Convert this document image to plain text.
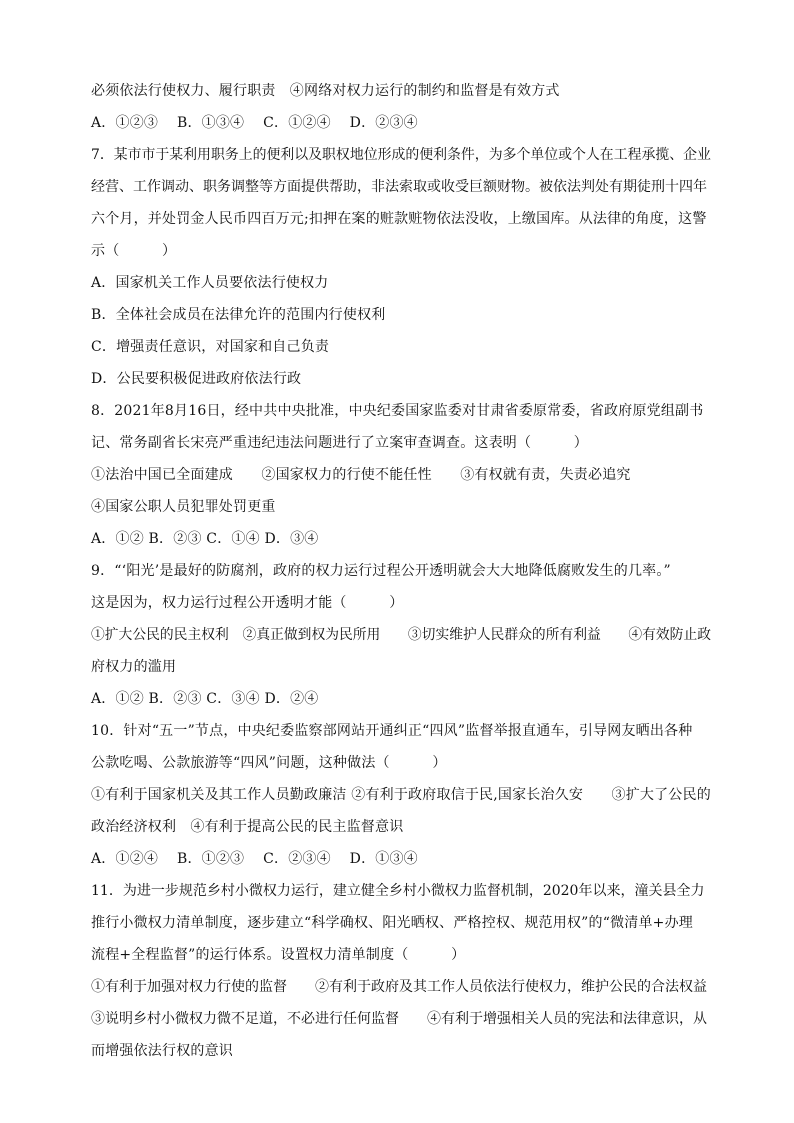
必须依法行使权力、履行职责　④网络对权力运行的制约和监督是有效方式
A．①②③　 B．①③④　 C．①②④　 D．②③④
7．某市市于某利用职务上的便利以及职权地位形成的便利条件，为多个单位或个人在工程承揽、企业
经营、工作调动、职务调整等方面提供帮助，非法索取或收受巨额财物。被依法判处有期徒刑十四年
六个月，并处罚金人民币四百万元;扣押在案的赃款赃物依法没收，上缴国库。从法律的角度，这警
示（　　　）
A．国家机关工作人员要依法行使权力
B．全体社会成员在法律允许的范围内行使权利
C．增强责任意识，对国家和自己负责
D．公民要积极促进政府依法行政
8．2021年8月16日，经中共中央批准，中央纪委国家监委对甘肃省委原常委，省政府原党组副书
记、常务副省长宋亮严重违纪违法问题进行了立案审查调查。这表明（　　　）
①法治中国已全面建成　　②国家权力的行使不能任性　　③有权就有责，失责必追究
④国家公职人员犯罪处罚更重
A．①② B．②③ C．①④ D．③④
9．“‘阳光’是最好的防腐剂，政府的权力运行过程公开透明就会大大地降低腐败发生的几率。”
这是因为，权力运行过程公开透明才能（　　　）
①扩大公民的民主权利　②真正做到权为民所用　　③切实维护人民群众的所有利益　　④有效防止政
府权力的滥用
A．①② B．②③ C．③④ D．②④
10．针对“五一”节点，中央纪委监察部网站开通纠正“四风”监督举报直通车，引导网友晒出各种
公款吃喝、公款旅游等“四风”问题，这种做法（　　　）
①有利于国家机关及其工作人员勤政廉洁 ②有利于政府取信于民,国家长治久安　　③扩大了公民的
政治经济权利　④有利于提高公民的民主监督意识
A．①②④　 B．①②③　 C．②③④　 D．①③④
11．为进一步规范乡村小微权力运行，建立健全乡村小微权力监督机制，2020年以来，潼关县全力
推行小微权力清单制度，逐步建立“科学确权、阳光晒权、严格控权、规范用权”的“微清单+办理
流程+全程监督”的运行体系。设置权力清单制度（　　　）
①有利于加强对权力行使的监督　　②有利于政府及其工作人员依法行使权力，维护公民的合法权益
③说明乡村小微权力微不足道，不必进行任何监督　　④有利于增强相关人员的宪法和法律意识，从
而增强依法行权的意识
